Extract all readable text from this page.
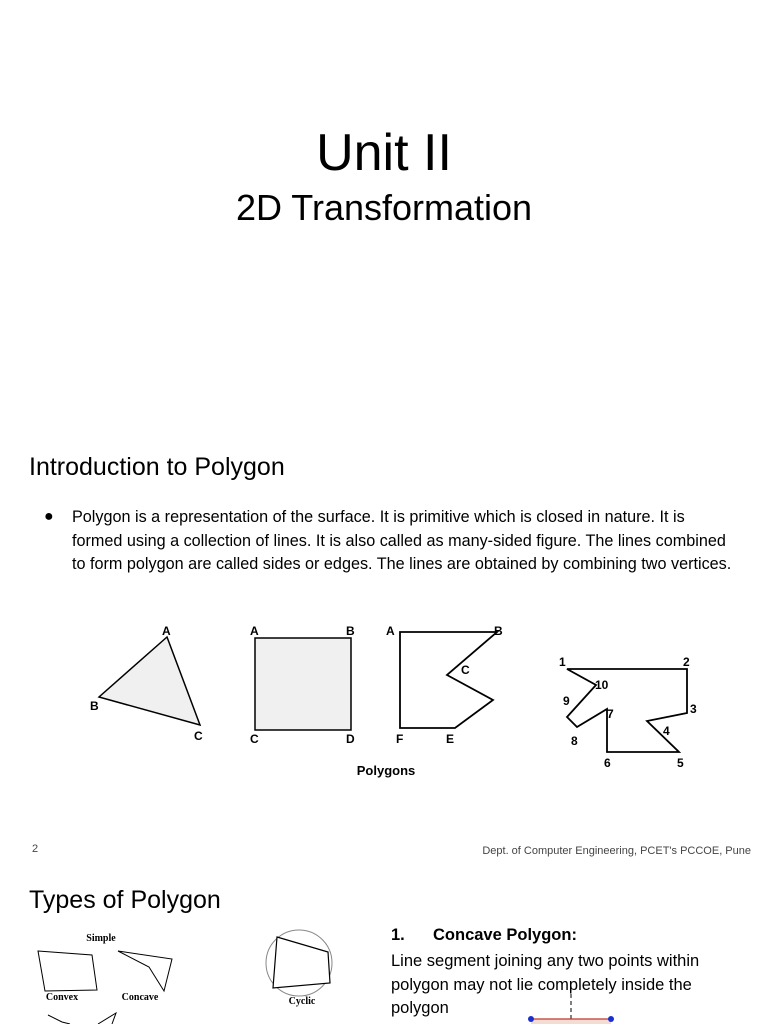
Unit II
2D Transformation
Introduction to Polygon
● Polygon is a representation of the surface. It is primitive which is closed in nature. It is formed using a collection of lines. It is also called as many-sided figure. The lines combined to form polygon are called sides or edges. The lines are obtained by combining two vertices.
A
B
C
A	B
C	D
A	B
C
F	E
1	2
3
4
5
6
7
8
9
10
Polygons
2	Dept. of Computer Engineering, PCET's PCCOE, Pune
Types of Polygon
Simple
Convex	Concave	Cyclic
1. Concave Polygon:
Line segment joining any two points within polygon may not lie completely inside the polygon
